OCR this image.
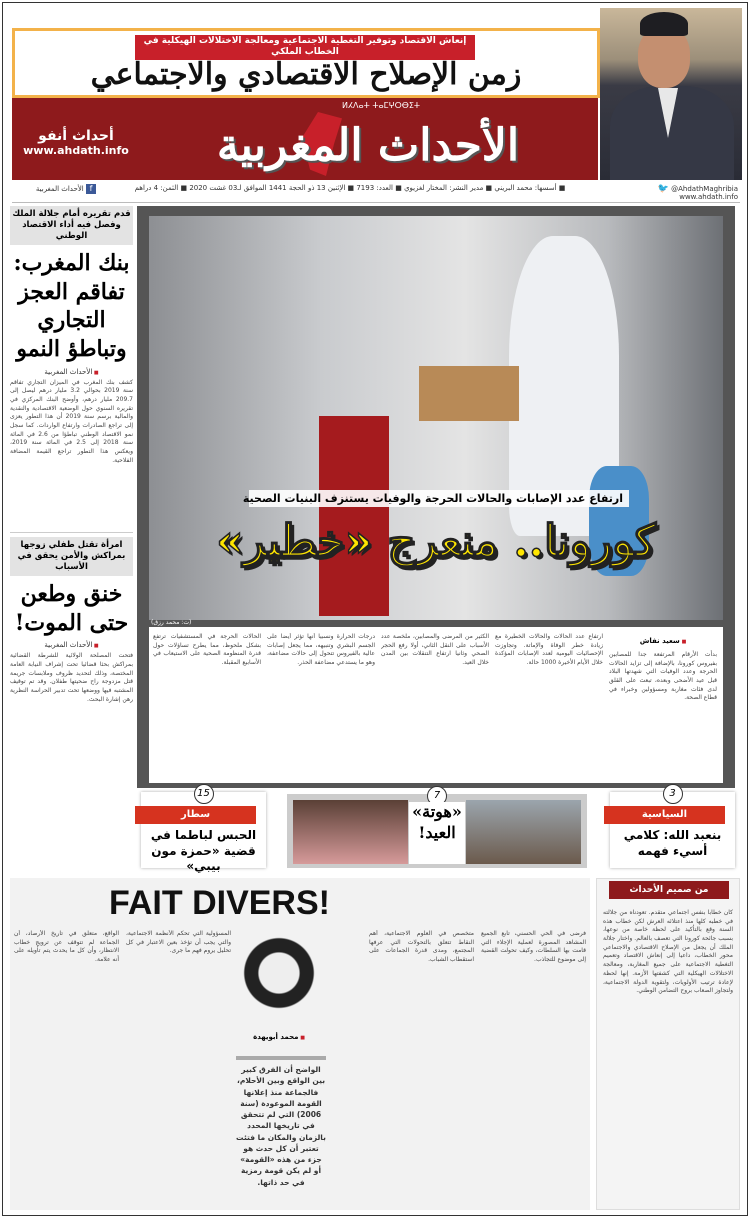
إنعاش الاقتصاد وتوفير التغطية الاجتماعية ومعالجة الاختلالات الهيكلية في الخطاب الملكي
زمن الإصلاح الاقتصادي والاجتماعي
ⵍⵃⴷⴰⵜ ⵜⴰⵎⵖⵔⴱⵉⵜ
الأحداث المغربية
أحداث أنفو
www.ahdath.info
f الأحداث المغربية	■ أسسها: محمد البريني ■ مدير النشر: المختار لغزيوي ■ العدد: 7193 ■ الإثنين 13 ذو الحجة 1441 الموافق لـ03 غشت 2020 ■ الثمن: 4 دراهم	🐦 @AhdathMaghribia
www.ahdath.info
قدم تقريره أمام جلالة الملك وفصل فيه أداء الاقتصاد الوطني
بنك المغرب: تفاقم العجز التجاري وتباطؤ النمو
■ الأحداث المغربية
كشف بنك المغرب في الميزان التجاري تفاقم سنة 2019 بحوالي 3.2 مليار درهم ليصل إلى 209.7 مليار درهم، وأوضح البنك المركزي في تقريره السنوي حول الوضعية الاقتصادية والنقدية والمالية برسم سنة 2019 أن هذا التطور يعزى إلى تراجع الصادرات وارتفاع الواردات. كما سجل نمو الاقتصاد الوطني تباطؤا من 2.6 في المائة سنة 2018 إلى 2.5 في المائة سنة 2019، ويعكس هذا التطور تراجع القيمة المضافة الفلاحية.
امرأة تقتل طفلي زوجها بمراكش والأمن يحقق في الأسباب
خنق وطعن حتى الموت!
■ الأحداث المغربية
فتحت المصلحة الولائية للشرطة القضائية بمراكش بحثا قضائيا تحت إشراف النيابة العامة المختصة، وذلك لتحديد ظروف وملابسات جريمة قتل مزدوجة راح ضحيتها طفلان. وقد تم توقيف المشتبه فيها ووضعها تحت تدبير الحراسة النظرية رهن إشارة البحث.
ارتفاع عدد الإصابات والحالات الحرجة والوفيات يستنزف البنيات الصحية
كورونا.. منعرج «خطير»
(ت: محمد رزق)
■ سعيد نفاش
بدأت الأرقام المرتفعة جدا للمصابين بفيروس كورونا، بالإضافة إلى تزايد الحالات الحرجة وعدد الوفيات التي شهدتها البلاد قبل عيد الأضحى وبعده، تبعث على القلق لدى فئات مغاربة ومسؤولين وخبراء في قطاع الصحة.
ارتفاع عدد الحالات والحالات الخطيرة مع زيادة خطر الوفاة والإماتة. وتجاوزت الإحصائيات اليومية لعدد الإصابات المؤكدة خلال الأيام الأخيرة 1000 حالة.
الكثير من المرضى والمصابين، ملخصة عدد الأسباب على النقل الثاني، أولا رفع الحجر الصحي وثانيا ارتفاع التنقلات بين المدن خلال العيد.
درجات الحرارة ونسبيا أنها تؤثر أيضا على الجسم البشري وتنبيهه، مما يجعل إصابات عالية بالفيروس تتحول إلى حالات مضاعفة، وهو ما يستدعي مضاعفة الحذر.
الحالات الحرجة في المستشفيات ترتفع بشكل ملحوظ، مما يطرح تساؤلات حول قدرة المنظومة الصحية على الاستيعاب في الأسابيع المقبلة.
3
السياسية
بنعبد الله: كلامي أسيء فهمه
7
«هوتة» العيد!
15
سطار
الحبس لباطما في قضية «حمزة مون بيبي»
FAIT DIVERS!
فرضى في الحي الحسني، تابع الجميع المشاهد المصورة لعملية الإجلاء التي قامت بها السلطات، وكيف تحولت القضية إلى موضوع للتجاذب.
متخصص في العلوم الاجتماعية، أهم النقاط تتعلق بالتحولات التي عرفها المجتمع، ومدى قدرة الجماعات على استقطاب الشباب.
■ محمد أبويهدة
الواضح أن الفرق كبير بين الواقع وبين الأحلام، فالجماعة منذ إعلانها القومة الموعودة (سنة 2006) التي لم تتحقق في تاريخها المحدد بالزمان والمكان ما فتئت تعتبر أن كل حدث هو جزء من هذه «القومة» أو لم يكن قومة رمزية في حد ذاتها.
المسؤولية التي تحكم الأنظمة الاجتماعية، والتي يجب أن تؤخذ بعين الاعتبار في كل تحليل يروم فهم ما جرى.
الواقع، متعلق في تاريخ الأرصاد، أن الجماعة لم تتوقف عن ترويج خطاب الانتظار، وأن كل ما يحدث يتم تأويله على أنه علامة.
من صميم الأحداث
كان خطابا بنفس اجتماعي متقدم. تعودناه من جلالته في خطبه كلها منذ اعتلائه العرش لكن خطاب هذه السنة وقع بالتأكيد على لحظة خاصة من نوعها، بسبب جائحة كورونا التي تعصف بالعالم. واختار جلالة الملك أن يجعل من الإصلاح الاقتصادي والاجتماعي محور الخطاب، داعيا إلى إنعاش الاقتصاد وتعميم التغطية الاجتماعية على جميع المغاربة، ومعالجة الاختلالات الهيكلية التي كشفتها الأزمة. إنها لحظة لإعادة ترتيب الأولويات، ولتقوية الدولة الاجتماعية، ولتجاوز الصعاب بروح التضامن الوطني.
